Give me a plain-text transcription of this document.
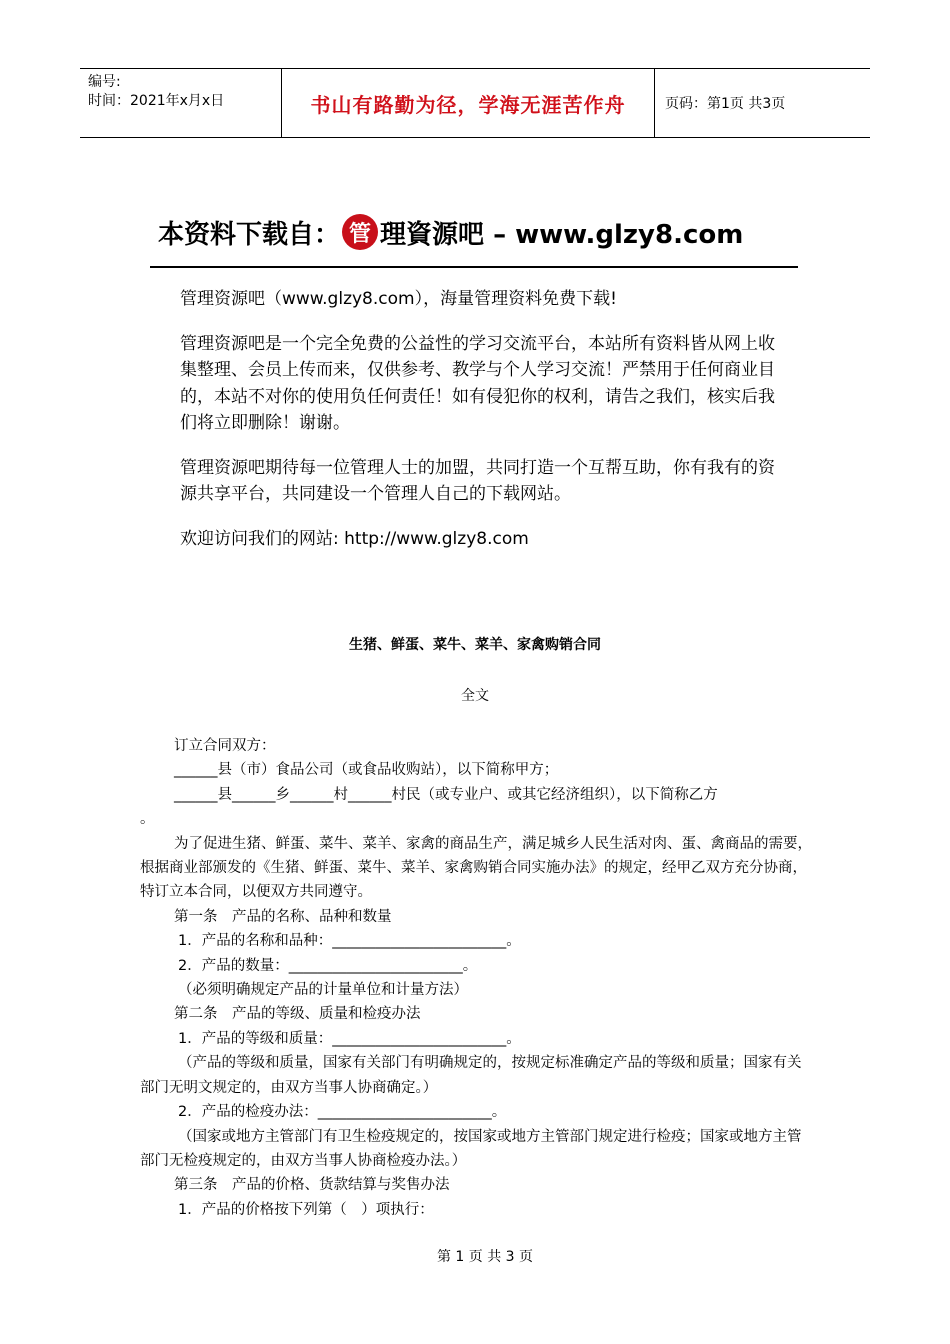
编号:
时间：2021年x月x日	书山有路勤为径，学海无涯苦作舟	页码：第1页 共3页
本资料下载自： 管 理資源吧 – www.glzy8.com

管理资源吧（www.glzy8.com），海量管理资料免费下载!

管理资源吧是一个完全免费的公益性的学习交流平台，本站所有资料皆从网上收集整理、会员上传而来，仅供参考、教学与个人学习交流！严禁用于任何商业目的，本站不对你的使用负任何责任！如有侵犯你的权利，请告之我们，核实后我们将立即删除！谢谢。

管理资源吧期待每一位管理人士的加盟，共同打造一个互帮互助，你有我有的资源共享平台，共同建设一个管理人自己的下载网站。

欢迎访问我们的网站: http://www.glzy8.com

生猪、鲜蛋、菜牛、菜羊、家禽购销合同
全文
订立合同双方：
______县（市）食品公司（或食品收购站），以下简称甲方；
______县______乡______村______村民（或专业户、或其它经济组织），以下简称乙方
。
为了促进生猪、鲜蛋、菜牛、菜羊、家禽的商品生产，满足城乡人民生活对肉、蛋、禽商品的需要，根据商业部颁发的《生猪、鲜蛋、菜牛、菜羊、家禽购销合同实施办法》的规定，经甲乙双方充分协商，特订立本合同，以便双方共同遵守。
第一条　产品的名称、品种和数量
1．产品的名称和品种：________________________。
2．产品的数量：________________________。
（必须明确规定产品的计量单位和计量方法）
第二条　产品的等级、质量和检疫办法
1．产品的等级和质量：________________________。
（产品的等级和质量，国家有关部门有明确规定的，按规定标准确定产品的等级和质量；国家有关部门无明文规定的，由双方当事人协商确定。）
2．产品的检疫办法：________________________。
（国家或地方主管部门有卫生检疫规定的，按国家或地方主管部门规定进行检疫；国家或地方主管部门无检疫规定的，由双方当事人协商检疫办法。）
第三条　产品的价格、货款结算与奖售办法
1．产品的价格按下列第（　）项执行：
第 1 页 共 3 页
